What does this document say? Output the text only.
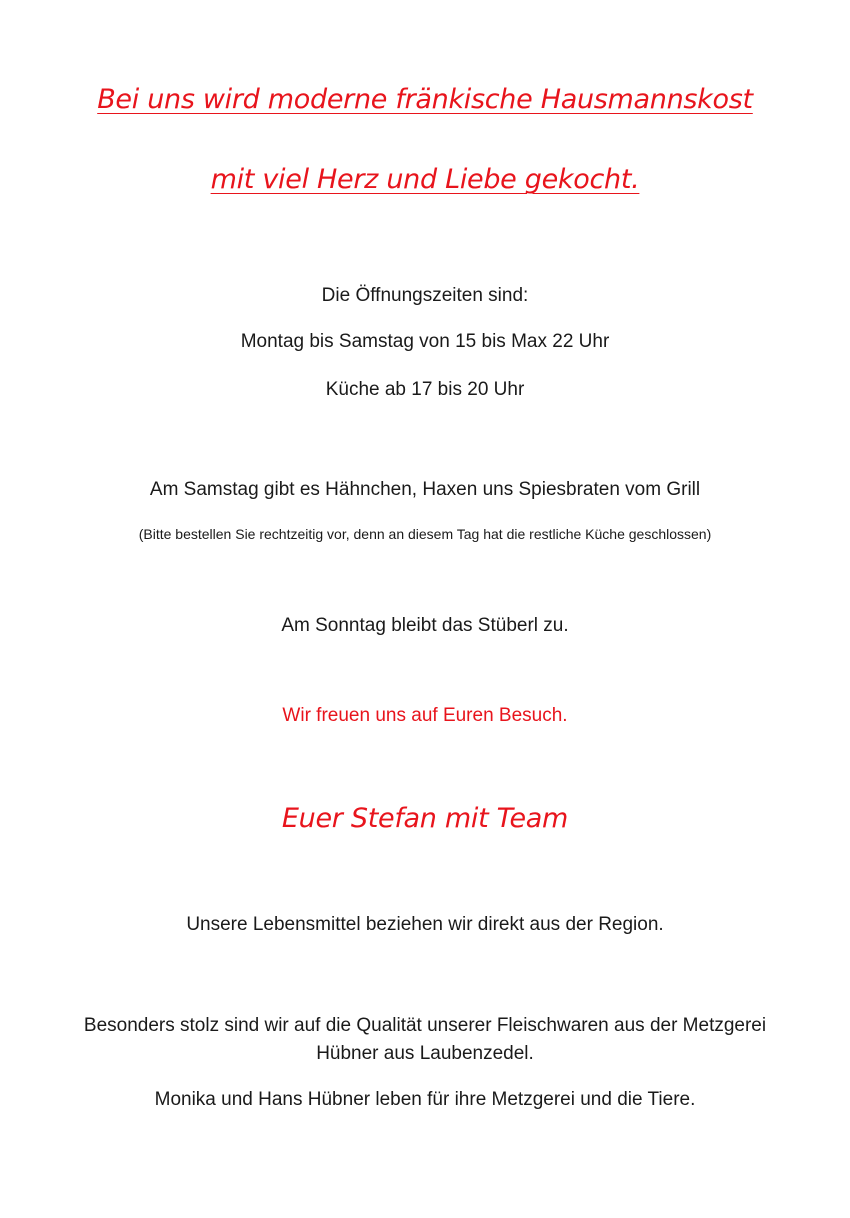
Bei uns wird moderne fränkische Hausmannskost
mit viel Herz und Liebe gekocht.
Die Öffnungszeiten sind:
Montag bis Samstag von 15 bis Max 22 Uhr
Küche ab 17 bis 20 Uhr
Am Samstag gibt es Hähnchen, Haxen uns Spiesbraten vom Grill
(Bitte bestellen Sie rechtzeitig vor, denn an diesem Tag hat die restliche Küche geschlossen)
Am Sonntag bleibt das Stüberl zu.
Wir freuen uns auf Euren Besuch.
Euer Stefan mit Team
Unsere Lebensmittel beziehen wir direkt aus der Region.
Besonders stolz sind wir auf die Qualität unserer Fleischwaren aus der Metzgerei
Hübner aus Laubenzedel.
Monika und Hans Hübner leben für ihre Metzgerei und die Tiere.
